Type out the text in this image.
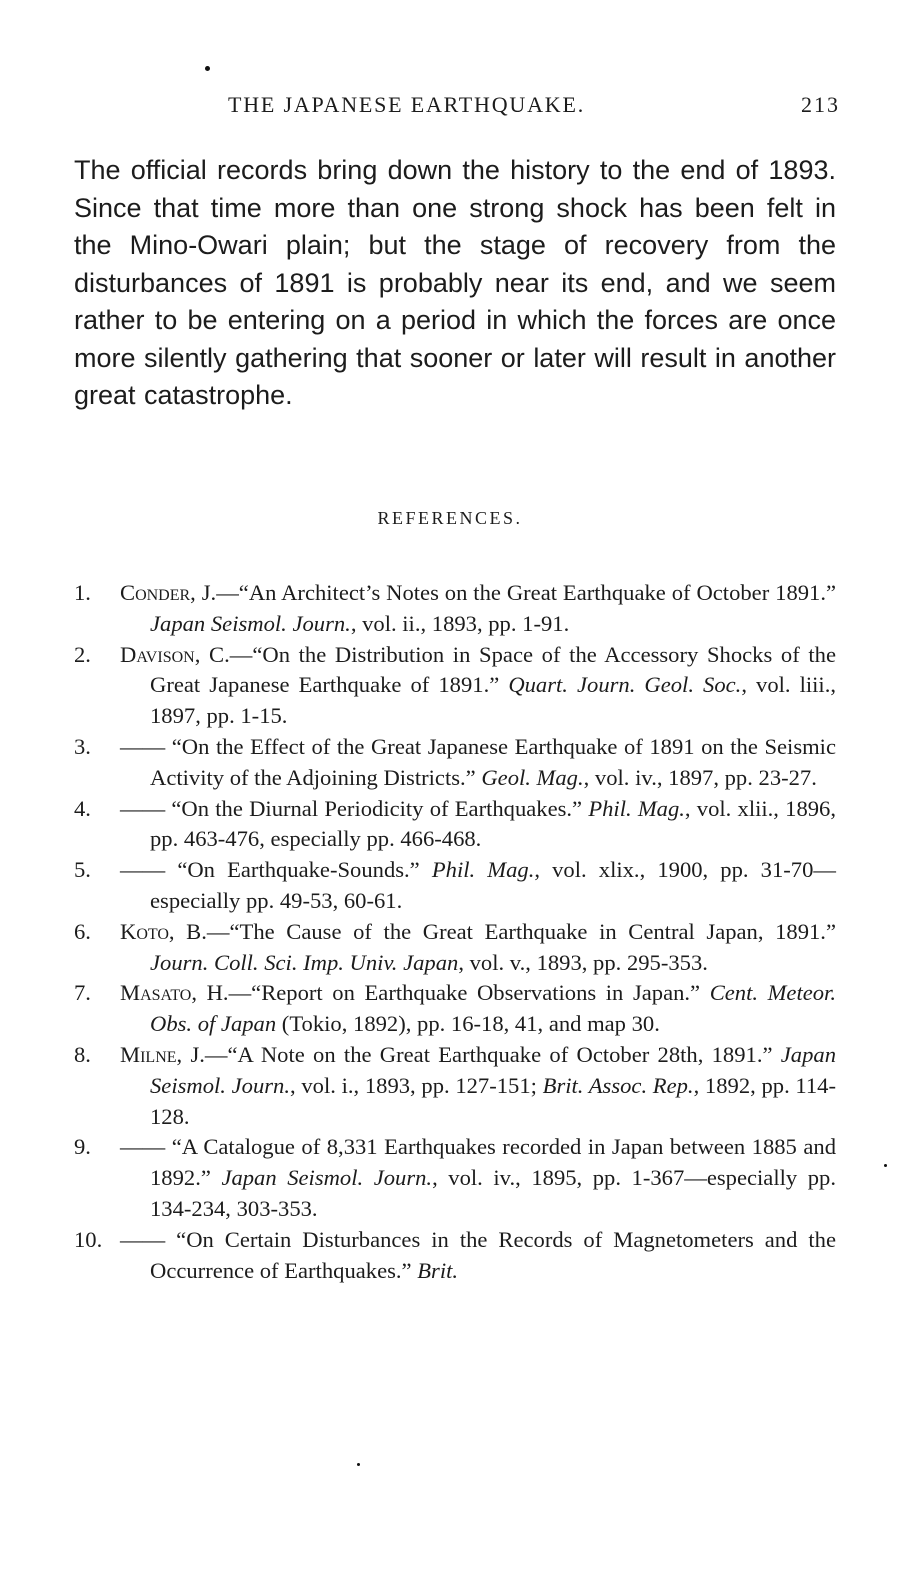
THE JAPANESE EARTHQUAKE.	213

The official records bring down the history to the end of 1893. Since that time more than one strong shock has been felt in the Mino-Owari plain; but the stage of recovery from the disturbances of 1891 is probably near its end, and we seem rather to be entering on a period in which the forces are once more silently gathering that sooner or later will result in another great catastrophe.

REFERENCES.
1. Conder, J.—“An Architect’s Notes on the Great Earthquake of October 1891.” Japan Seismol. Journ., vol. ii., 1893, pp. 1-91.
2. Davison, C.—“On the Distribution in Space of the Accessory Shocks of the Great Japanese Earthquake of 1891.” Quart. Journ. Geol. Soc., vol. liii., 1897, pp. 1-15.
3. —— “On the Effect of the Great Japanese Earthquake of 1891 on the Seismic Activity of the Adjoining Districts.” Geol. Mag., vol. iv., 1897, pp. 23-27.
4. —— “On the Diurnal Periodicity of Earthquakes.” Phil. Mag., vol. xlii., 1896, pp. 463-476, especially pp. 466-468.
5. —— “On Earthquake-Sounds.” Phil. Mag., vol. xlix., 1900, pp. 31-70—especially pp. 49-53, 60-61.
6. Koto, B.—“The Cause of the Great Earthquake in Central Japan, 1891.” Journ. Coll. Sci. Imp. Univ. Japan, vol. v., 1893, pp. 295-353.
7. Masato, H.—“Report on Earthquake Observations in Japan.” Cent. Meteor. Obs. of Japan (Tokio, 1892), pp. 16-18, 41, and map 30.
8. Milne, J.—“A Note on the Great Earthquake of October 28th, 1891.” Japan Seismol. Journ., vol. i., 1893, pp. 127-151; Brit. Assoc. Rep., 1892, pp. 114-128.
9. —— “A Catalogue of 8,331 Earthquakes recorded in Japan between 1885 and 1892.” Japan Seismol. Journ., vol. iv., 1895, pp. 1-367—especially pp. 134-234, 303-353.
10. —— “On Certain Disturbances in the Records of Magnetometers and the Occurrence of Earthquakes.” Brit.
